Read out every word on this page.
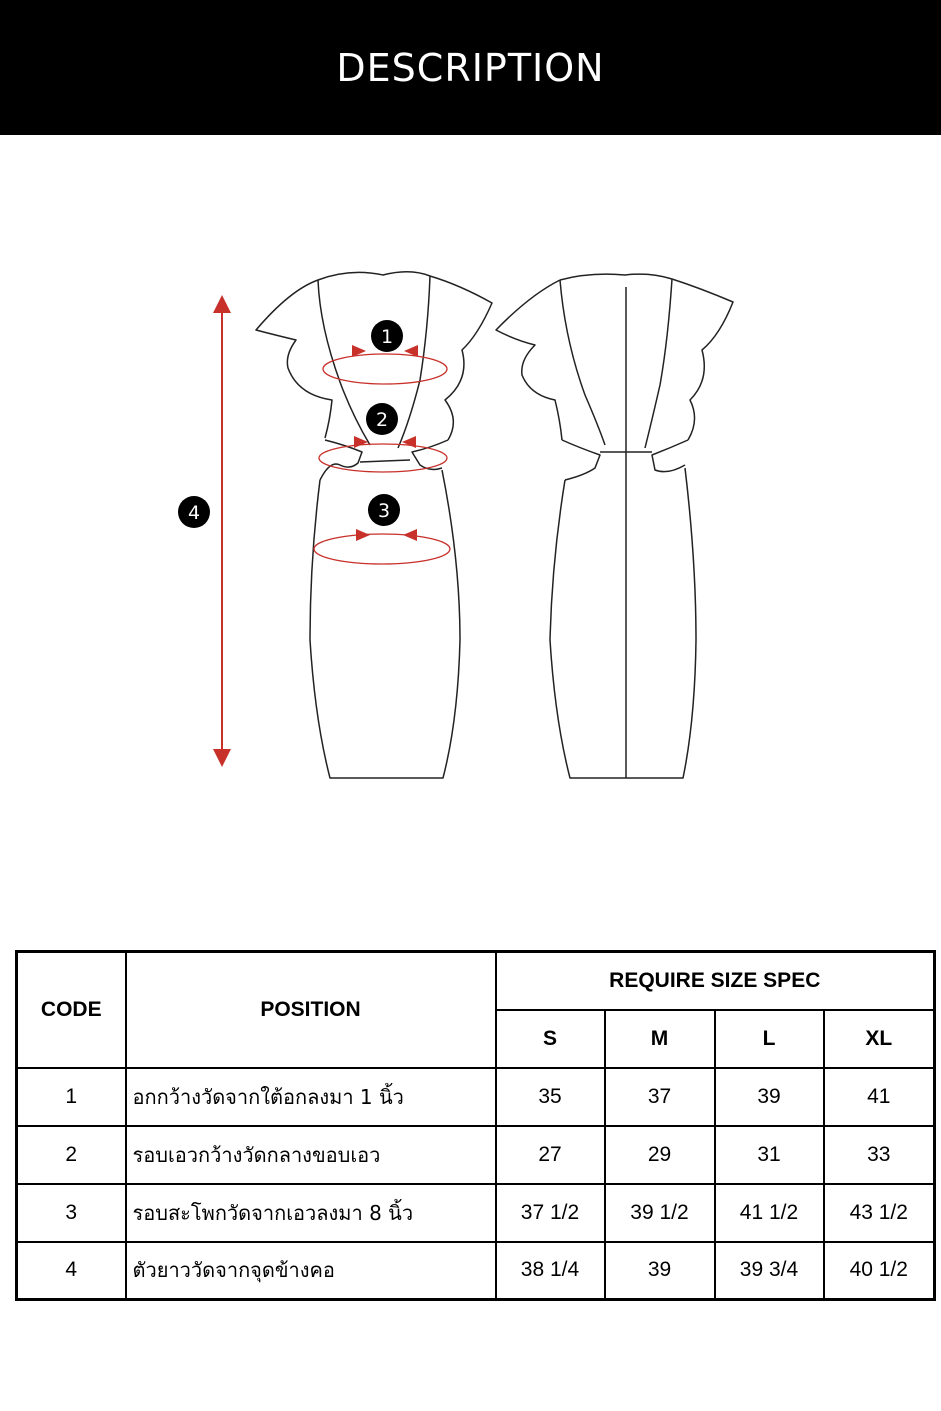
DESCRIPTION
1
2
3
4
CODE	POSITION	REQUIRE SIZE SPEC			
		S	M	L	XL
1	อกกว้างวัดจากใต้อกลงมา 1 นิ้ว	35	37	39	41
2	รอบเอวกว้างวัดกลางขอบเอว	27	29	31	33
3	รอบสะโพกวัดจากเอวลงมา 8 นิ้ว	37 1/2	39 1/2	41 1/2	43 1/2
4	ตัวยาววัดจากจุดข้างคอ	38 1/4	39	39 3/4	40 1/2
